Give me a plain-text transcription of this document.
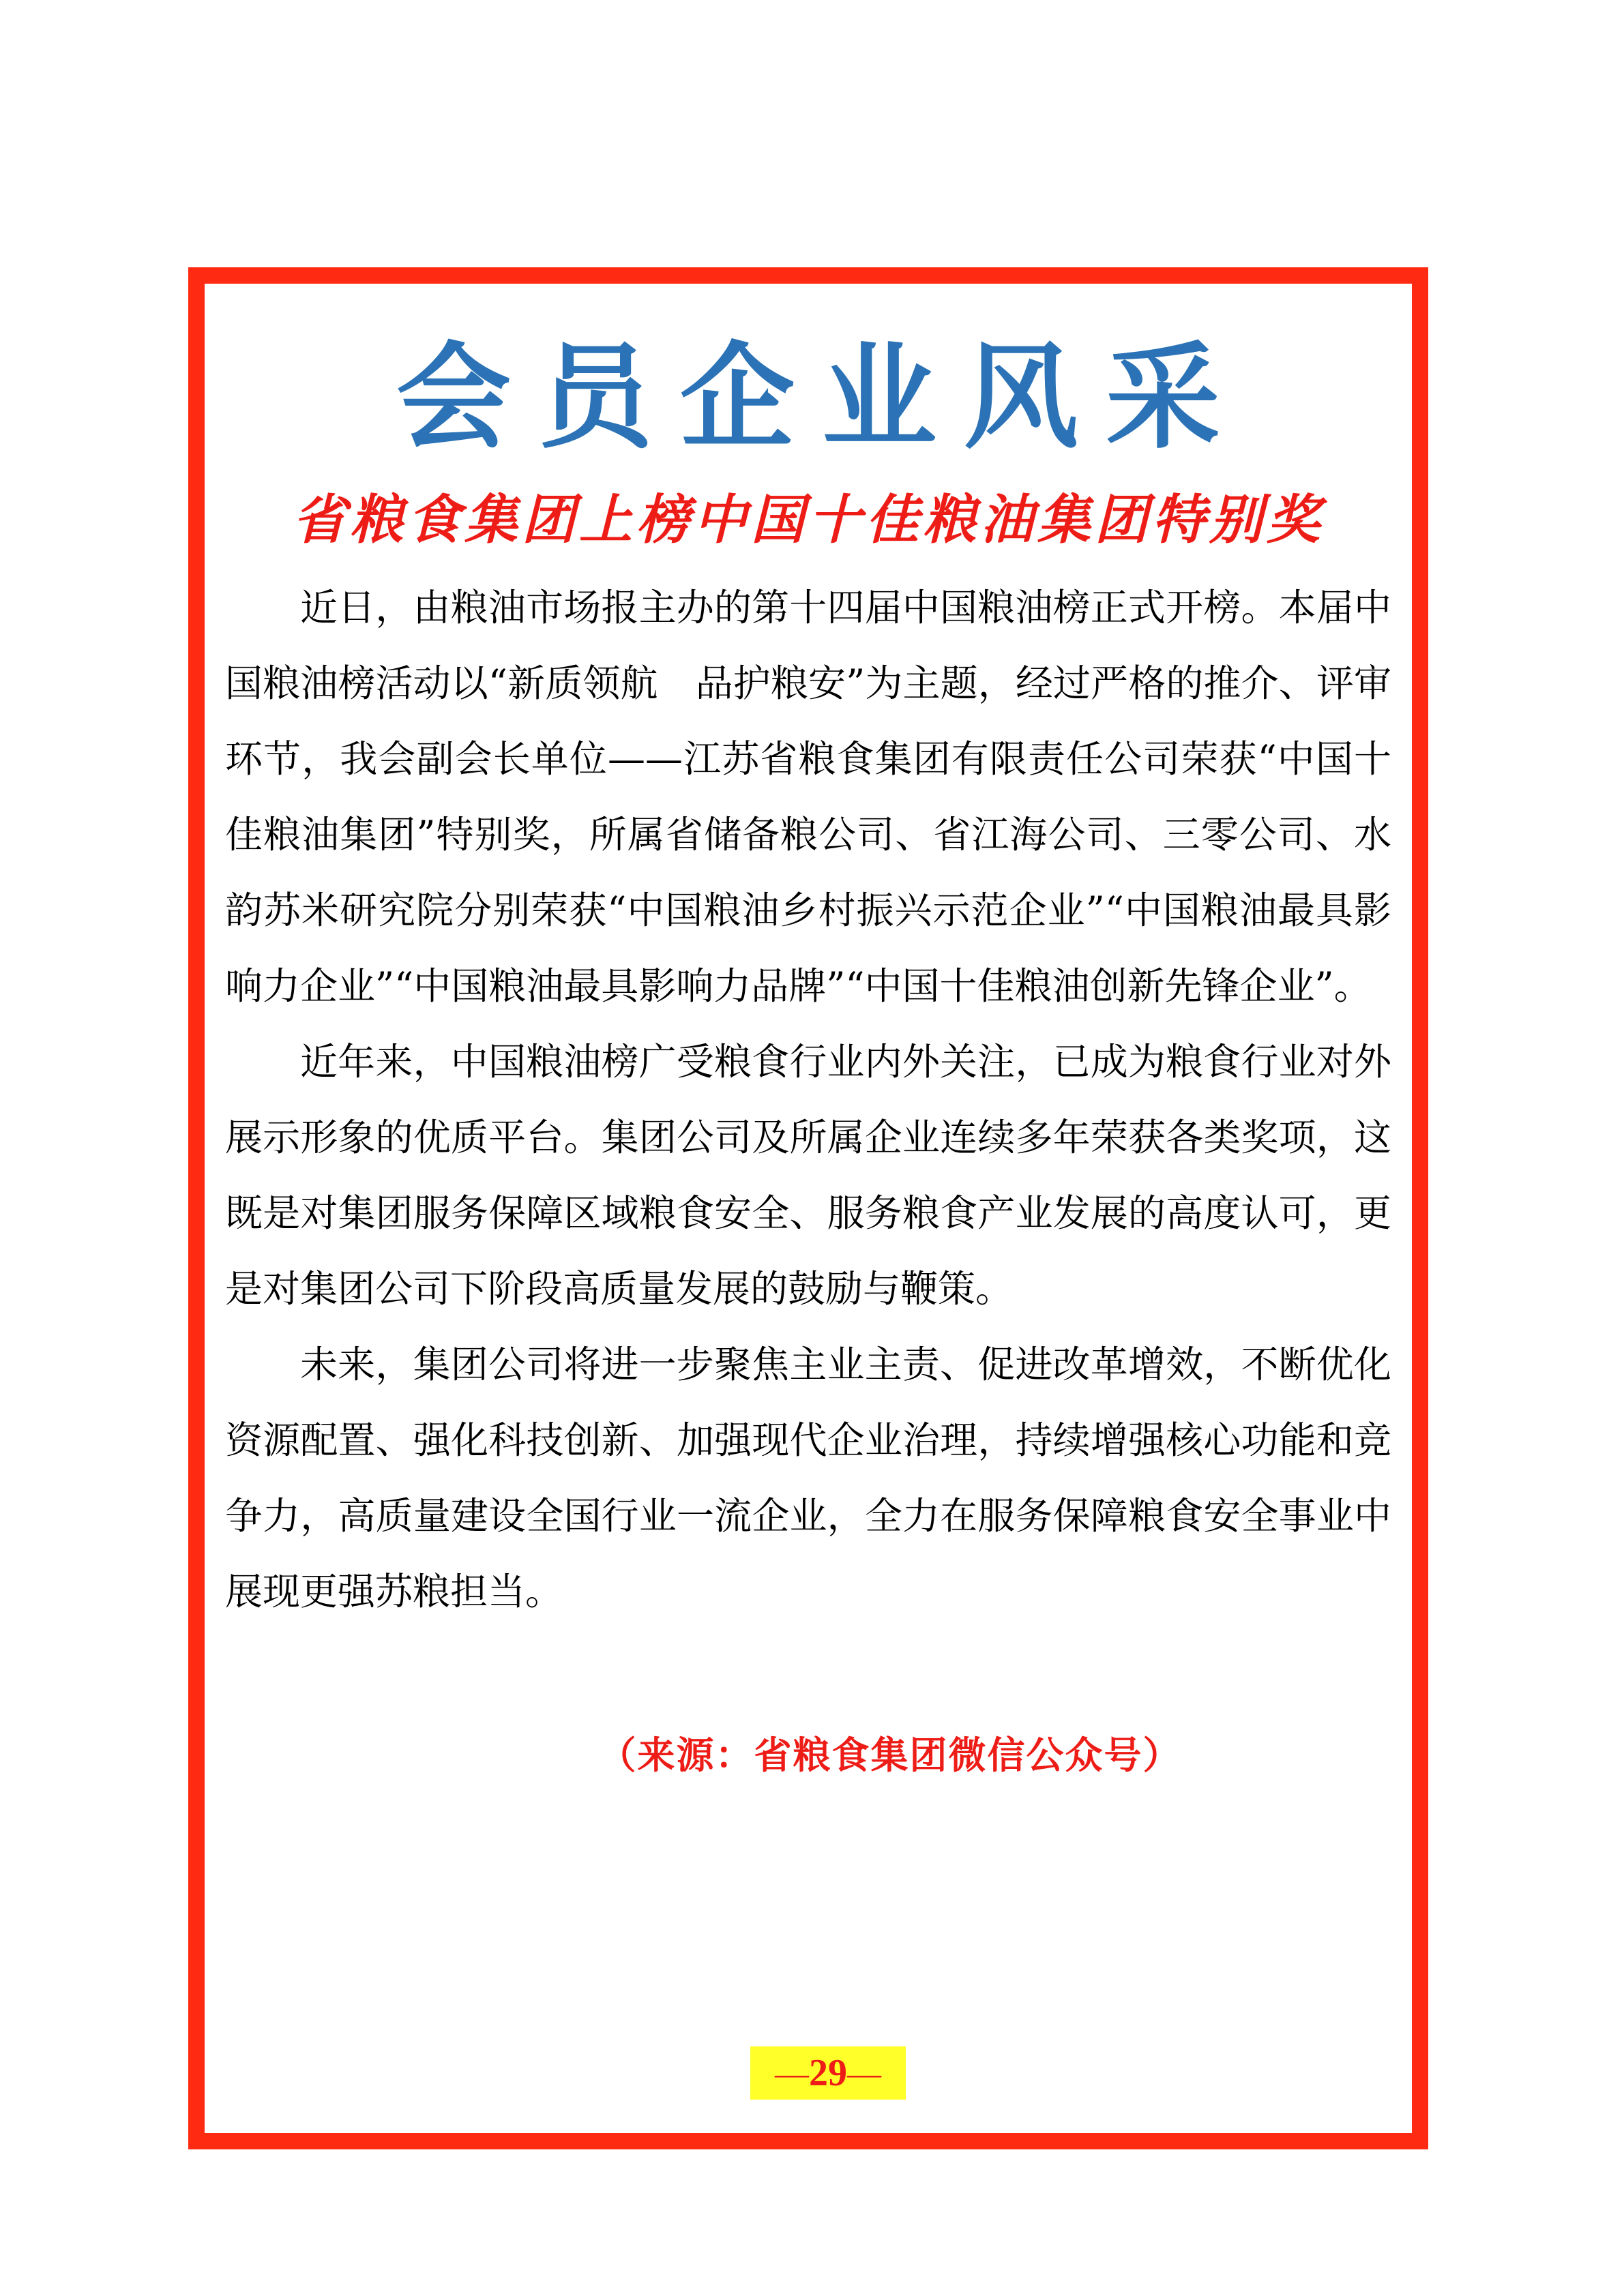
会员企业风采
省粮食集团上榜中国十佳粮油集团特别奖

近日，由粮油市场报主办的第十四届中国粮油榜正式开榜。本届中国粮油榜活动以“新质领航　品护粮安”为主题，经过严格的推介、评审环节，我会副会长单位——江苏省粮食集团有限责任公司荣获“中国十佳粮油集团”特别奖，所属省储备粮公司、省江海公司、三零公司、水韵苏米研究院分别荣获“中国粮油乡村振兴示范企业”“中国粮油最具影响力企业”“中国粮油最具影响力品牌”“中国十佳粮油创新先锋企业”。

近年来，中国粮油榜广受粮食行业内外关注，已成为粮食行业对外展示形象的优质平台。集团公司及所属企业连续多年荣获各类奖项，这既是对集团服务保障区域粮食安全、服务粮食产业发展的高度认可，更是对集团公司下阶段高质量发展的鼓励与鞭策。

未来，集团公司将进一步聚焦主业主责、促进改革增效，不断优化资源配置、强化科技创新、加强现代企业治理，持续增强核心功能和竞争力，高质量建设全国行业一流企业，全力在服务保障粮食安全事业中展现更强苏粮担当。

（来源：省粮食集团微信公众号）
— 29 —
